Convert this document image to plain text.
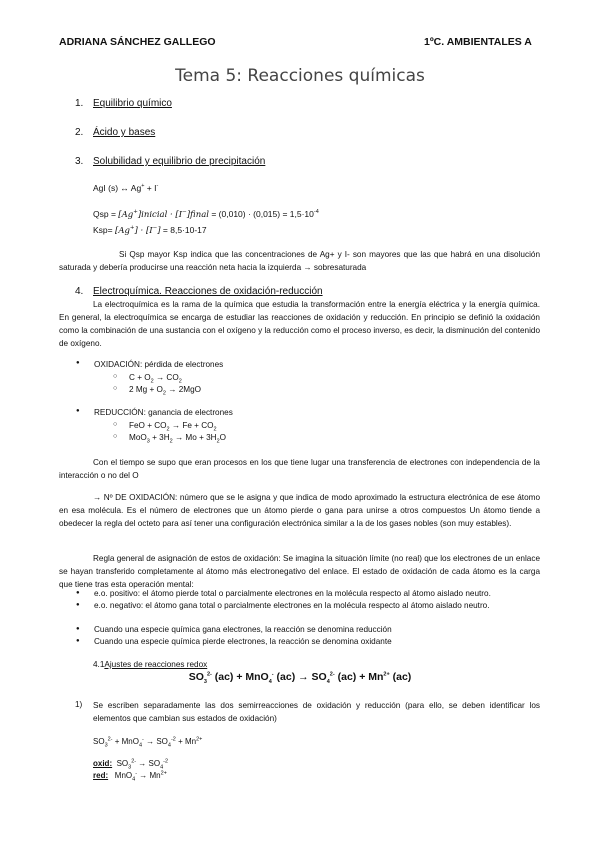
ADRIANA SÁNCHEZ GALLEGO	1ºC. AMBIENTALES A
Tema 5: Reacciones químicas
1. Equilibrio químico
2. Ácido y bases
3. Solubilidad y equilibrio de precipitación
AgI (s) ↔ Ag+ + I-
Qsp = [Ag+]inicial · [I−]final = $(0,010) \cdot (0,015) = 1,5\cdot 10^{-4}$
Ksp= [Ag+] · [I−] = 8,5·10-17
Si Qsp mayor Ksp indica que las concentraciones de Ag+ y I- son mayores que las que habrá en una disolución saturada y debería producirse una reacción neta hacia la izquierda → sobresaturada
4. Electroquímica. Reacciones de oxidación-reducción
La electroquímica es la rama de la química que estudia la transformación entre la energía eléctrica y la energía química. En general, la electroquímica se encarga de estudiar las reacciones de oxidación y reducción. En principio se definió la oxidación como la combinación de una sustancia con el oxígeno y la reducción como el proceso inverso, es decir, la disminución del contenido de oxígeno.
● OXIDACIÓN: pérdida de electrones
○ $C + O_2 \to CO_2$
○ 2 $Mg + O_2 \to 2MgO$
● REDUCCIÓN: ganancia de electrones
○ FeO + $CO_2 \to Fe + CO_2$
○ $MoO_3 + 3H_2 \to Mo + 3H_2O$
Con el tiempo se supo que eran procesos en los que tiene lugar una transferencia de electrones con independencia de la interacción o no del O
→ Nº DE OXIDACIÓN: número que se le asigna y que indica de modo aproximado la estructura electrónica de ese átomo en esa molécula. Es el número de electrones que un átomo pierde o gana para unirse a otros compuestos Un átomo tiende a obedecer la regla del octeto para así tener una configuración electrónica similar a la de los gases nobles (son muy estables).
Regla general de asignación de estos de oxidación: Se imagina la situación límite (no real) que los electrones de un enlace se hayan transferido completamente al átomo más electronegativo del enlace. El estado de oxidación de cada átomo es la carga que tiene tras esta operación mental:
● e.o. positivo: el átomo pierde total o parcialmente electrones en la molécula respecto al átomo aislado neutro.
● e.o. negativo: el átomo gana total o parcialmente electrones en la molécula respecto al átomo aislado neutro.
● Cuando una especie química gana electrones, la reacción se denomina reducción
● Cuando una especie química pierde electrones, la reacción se denomina oxidante
4.1Ajustes de reacciones redox
$SO_3^{2-}$ (ac) + MnO$_4$- $(ac) \to SO_4^{2-}$ $(ac) + Mn^{2+}$ (ac)
1) Se escriben separadamente las dos semirreacciones de oxidación y reducción (para ello, se deben identificar los elementos que cambian sus estados de oxidación)
$SO_3^{2-} + MnO_4^- \to SO_4^{-2} + Mn^{2+}$
oxid: $SO_3^{2-} \to SO_4^{-2}$
red: $MnO_4^- \to Mn^{2+}$
